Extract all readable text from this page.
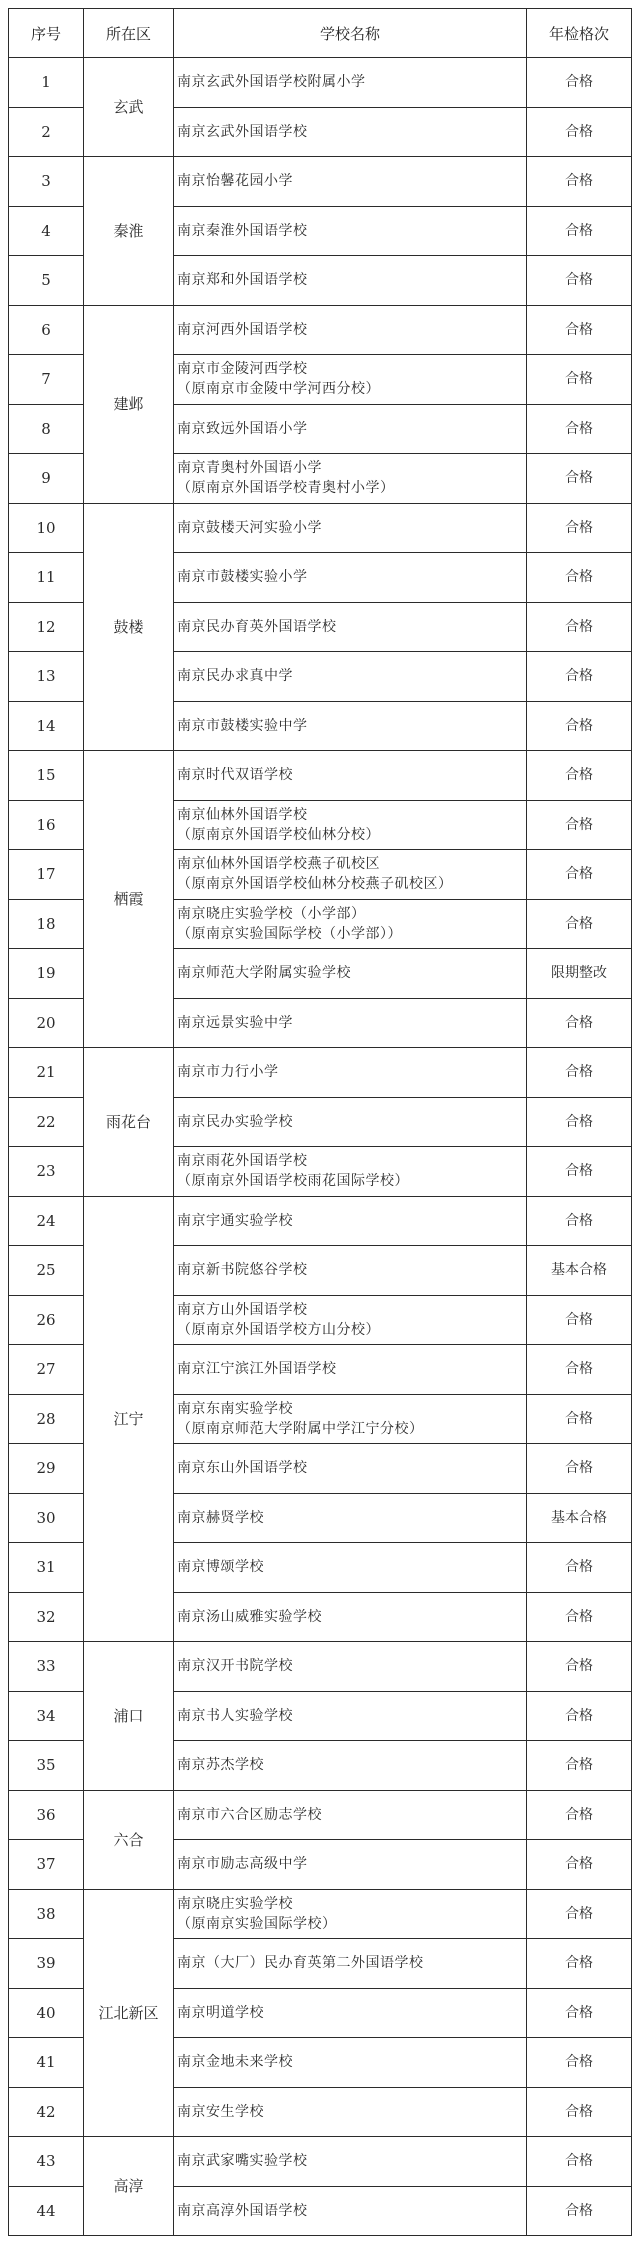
序号	所在区	学校名称	年检格次
1	玄武	南京玄武外国语学校附属小学	合格
2		南京玄武外国语学校	合格
3	秦淮	南京怡馨花园小学	合格
4		南京秦淮外国语学校	合格
5		南京郑和外国语学校	合格
6	建邺	南京河西外国语学校	合格
7		南京市金陵河西学校
（原南京市金陵中学河西分校）	合格
8		南京致远外国语小学	合格
9		南京青奥村外国语小学
（原南京外国语学校青奥村小学）	合格
10	鼓楼	南京鼓楼天河实验小学	合格
11		南京市鼓楼实验小学	合格
12		南京民办育英外国语学校	合格
13		南京民办求真中学	合格
14		南京市鼓楼实验中学	合格
15	栖霞	南京时代双语学校	合格
16		南京仙林外国语学校
（原南京外国语学校仙林分校）	合格
17		南京仙林外国语学校燕子矶校区
（原南京外国语学校仙林分校燕子矶校区）	合格
18		南京晓庄实验学校（小学部）
（原南京实验国际学校（小学部））	合格
19		南京师范大学附属实验学校	限期整改
20		南京远景实验中学	合格
21	雨花台	南京市力行小学	合格
22		南京民办实验学校	合格
23		南京雨花外国语学校
（原南京外国语学校雨花国际学校）	合格
24	江宁	南京宇通实验学校	合格
25		南京新书院悠谷学校	基本合格
26		南京方山外国语学校
（原南京外国语学校方山分校）	合格
27		南京江宁滨江外国语学校	合格
28		南京东南实验学校
（原南京师范大学附属中学江宁分校）	合格
29		南京东山外国语学校	合格
30		南京赫贤学校	基本合格
31		南京博颂学校	合格
32		南京汤山威雅实验学校	合格
33	浦口	南京汉开书院学校	合格
34		南京书人实验学校	合格
35		南京苏杰学校	合格
36	六合	南京市六合区励志学校	合格
37		南京市励志高级中学	合格
38	江北新区	南京晓庄实验学校
（原南京实验国际学校）	合格
39		南京（大厂）民办育英第二外国语学校	合格
40		南京明道学校	合格
41		南京金地未来学校	合格
42		南京安生学校	合格
43	高淳	南京武家嘴实验学校	合格
44		南京高淳外国语学校	合格
